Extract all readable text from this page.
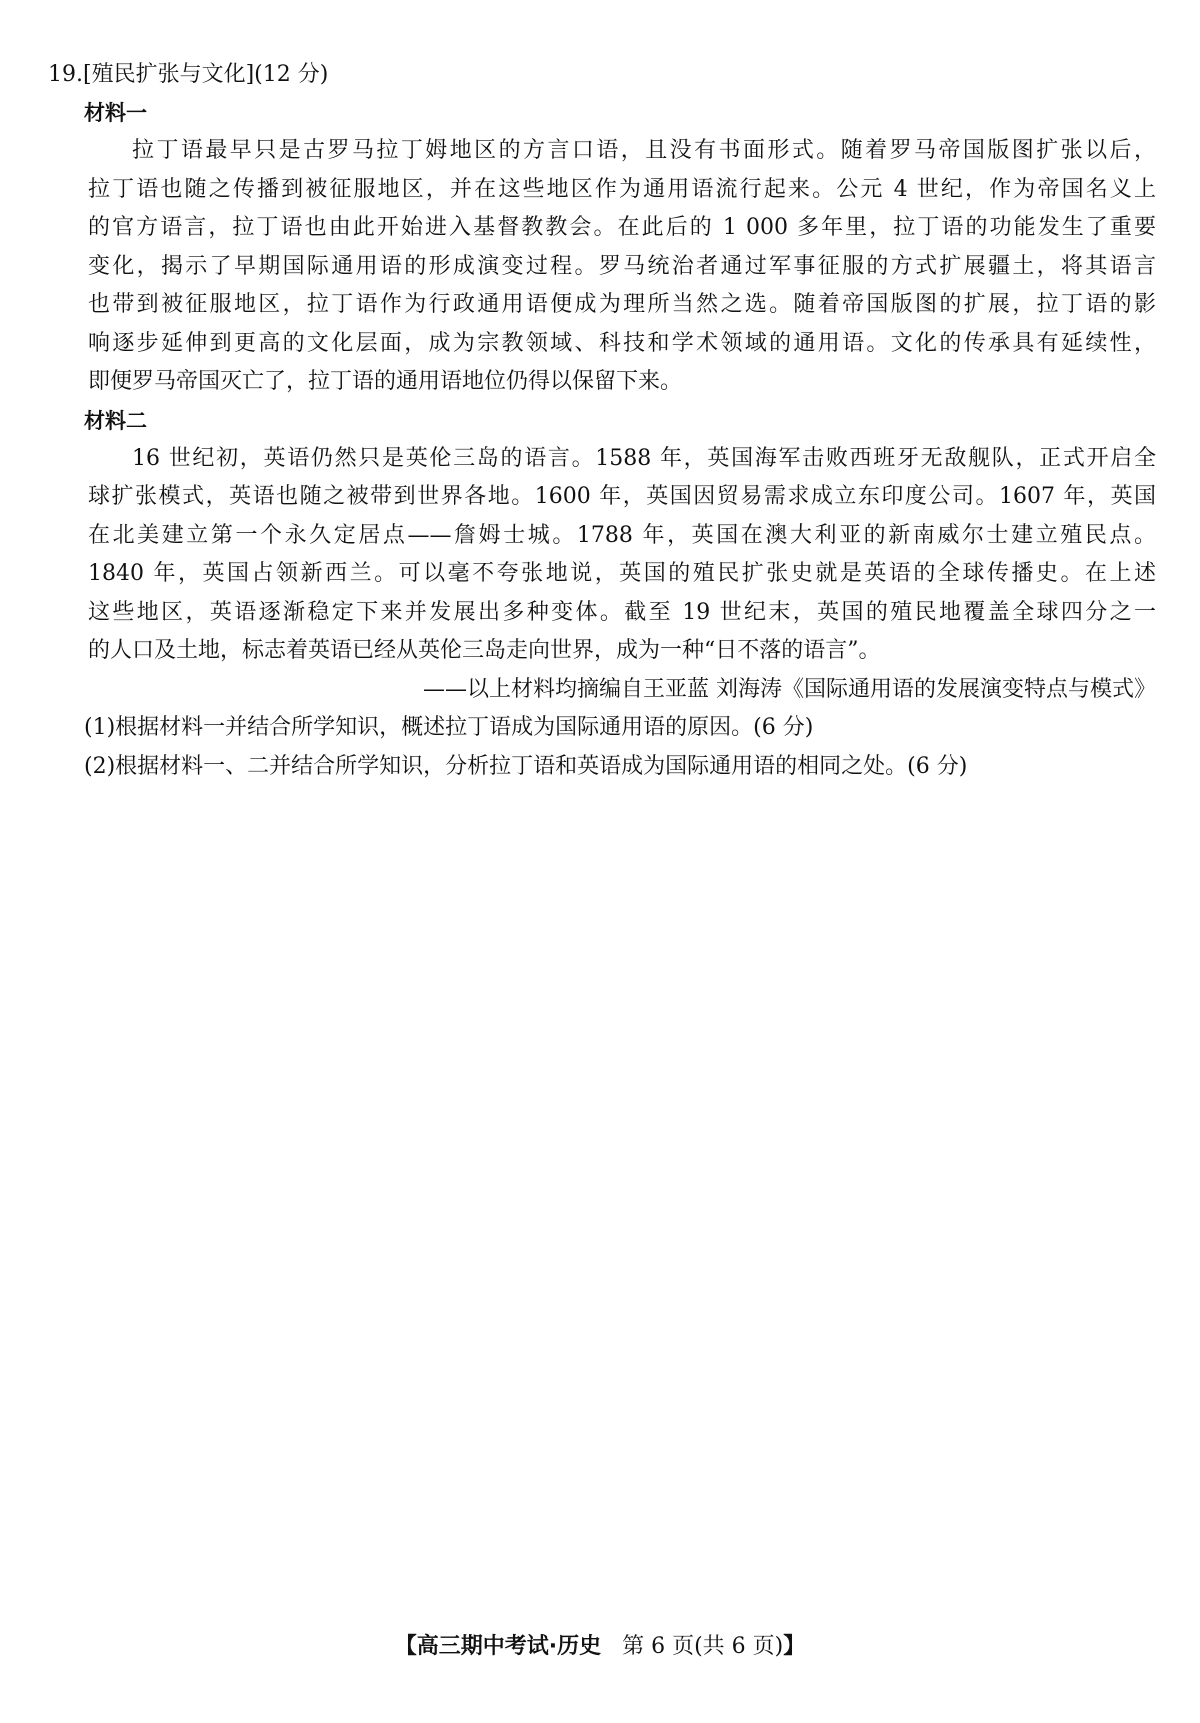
19.[殖民扩张与文化](12 分)
材料一
拉丁语最早只是古罗马拉丁姆地区的方言口语，且没有书面形式。随着罗马帝国版图扩张以后，
拉丁语也随之传播到被征服地区，并在这些地区作为通用语流行起来。公元 4 世纪，作为帝国名义上
的官方语言，拉丁语也由此开始进入基督教教会。在此后的 1 000 多年里，拉丁语的功能发生了重要
变化，揭示了早期国际通用语的形成演变过程。罗马统治者通过军事征服的方式扩展疆土，将其语言
也带到被征服地区，拉丁语作为行政通用语便成为理所当然之选。随着帝国版图的扩展，拉丁语的影
响逐步延伸到更高的文化层面，成为宗教领域、科技和学术领域的通用语。文化的传承具有延续性，
即便罗马帝国灭亡了，拉丁语的通用语地位仍得以保留下来。
材料二
16 世纪初，英语仍然只是英伦三岛的语言。1588 年，英国海军击败西班牙无敌舰队，正式开启全
球扩张模式，英语也随之被带到世界各地。1600 年，英国因贸易需求成立东印度公司。1607 年，英国
在北美建立第一个永久定居点——詹姆士城。1788 年，英国在澳大利亚的新南威尔士建立殖民点。
1840 年，英国占领新西兰。可以毫不夸张地说，英国的殖民扩张史就是英语的全球传播史。在上述
这些地区，英语逐渐稳定下来并发展出多种变体。截至 19 世纪末，英国的殖民地覆盖全球四分之一
的人口及土地，标志着英语已经从英伦三岛走向世界，成为一种“日不落的语言”。
——以上材料均摘编自王亚蓝 刘海涛《国际通用语的发展演变特点与模式》
(1)根据材料一并结合所学知识，概述拉丁语成为国际通用语的原因。(6 分)
(2)根据材料一、二并结合所学知识，分析拉丁语和英语成为国际通用语的相同之处。(6 分)
【高三期中考试·历史 第 6 页(共 6 页)】
